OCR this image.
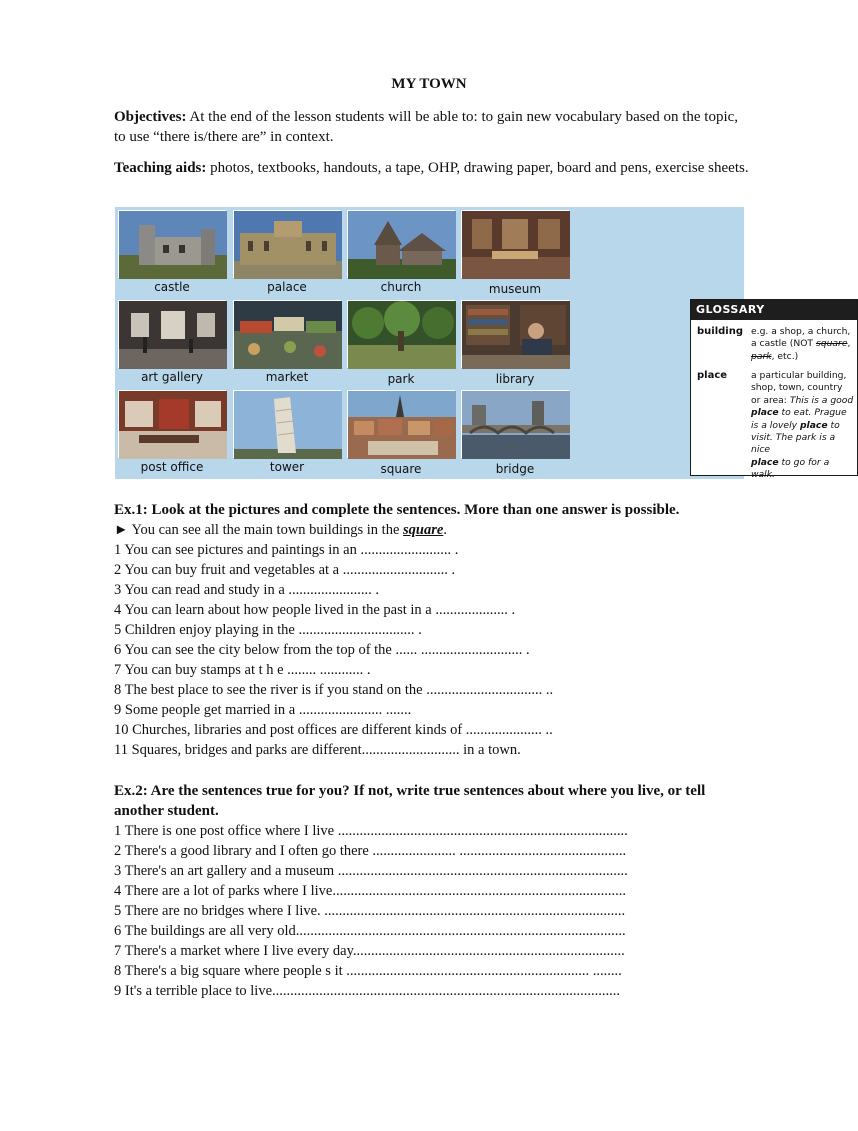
MY TOWN
Objectives: At the end of the lesson students will be able to: to gain new vocabulary based on the topic, to use “there is/there are” in context.
Teaching aids: photos, textbooks, handouts, a tape, OHP, drawing paper, board and pens, exercise sheets.
castle	palace	church	museum
art gallery	market	park	library
post office	tower	square	bridge
GLOSSARY
building e.g. a shop, a church,
a castle (NOT square,
park, etc.)
place	a particular building,
shop, town, country
or area: This is a good
place to eat. Prague
is a lovely place to
visit. The park is a nice
place to go for a walk.
Ex.1: Look at the pictures and complete the sentences. More than one answer is possible.
► You can see all the main town buildings in the square.
1 You can see pictures and paintings in an ......................... .
2 You can buy fruit and vegetables at a ............................. .
3 You can read and study in a ....................... .
4 You can learn about how people lived in the past in a .................... .
5 Children enjoy playing in the ................................ .
6 You can see the city below from the top of the ...... ............................ .
7 You can buy stamps at t h e ........ ............ .
8 The best place to see the river is if you stand on the ................................ ..
9 Some people get married in a ....................... .......
10 Churches, libraries and post offices are different kinds of ..................... ..
11 Squares, bridges and parks are different........................... in a town.
Ex.2: Are the sentences true for you? If not, write true sentences about where you live, or tell another student.
1 There is one post office where I live ................................................................................
2 There's a good library and I often go there ....................... ..............................................
3 There's an art gallery and a museum ................................................................................
4 There are a lot of parks where I live.................................................................................
5 There are no bridges where I live. ...................................................................................
6 The buildings are all very old...........................................................................................
7 There's a market where I live every day...........................................................................
8 There's a big square where people s it ................................................................... ........
9 It's a terrible place to live................................................................................................
